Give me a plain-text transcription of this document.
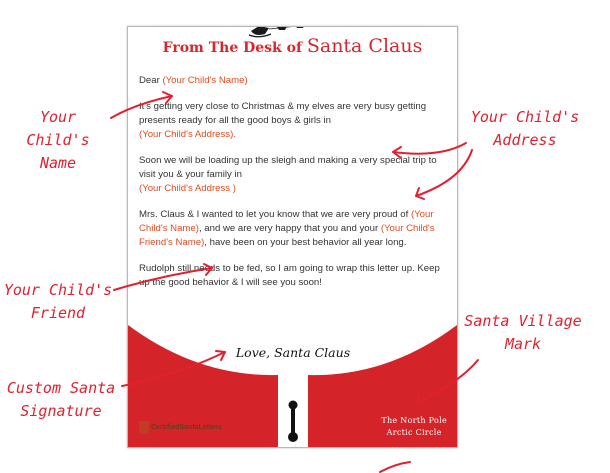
From The Desk of Santa Claus

Dear (Your Child's Name)

It's getting very close to Christmas & my elves are very busy getting presents ready for all the good boys & girls in
(Your Child's Address).

Soon we will be loading up the sleigh and making a very special trip to visit you & your family in
(Your Child's Address )

Mrs. Claus & I wanted to let you know that we are very proud of (Your Child's Name), and we are very happy that you and your (Your Child's Friend's Name), have been on your best behavior all year long.

Rudolph still needs to be fed, so I am going to wrap this letter up. Keep up the good behavior & I will see you soon!

Love, Santa Claus
CertifiedSantaLetters
The North Pole
Arctic Circle
Your Child's
Name
Your Child's
Address
Your Child's
Friend
Custom Santa
Signature
Santa Village
Mark
